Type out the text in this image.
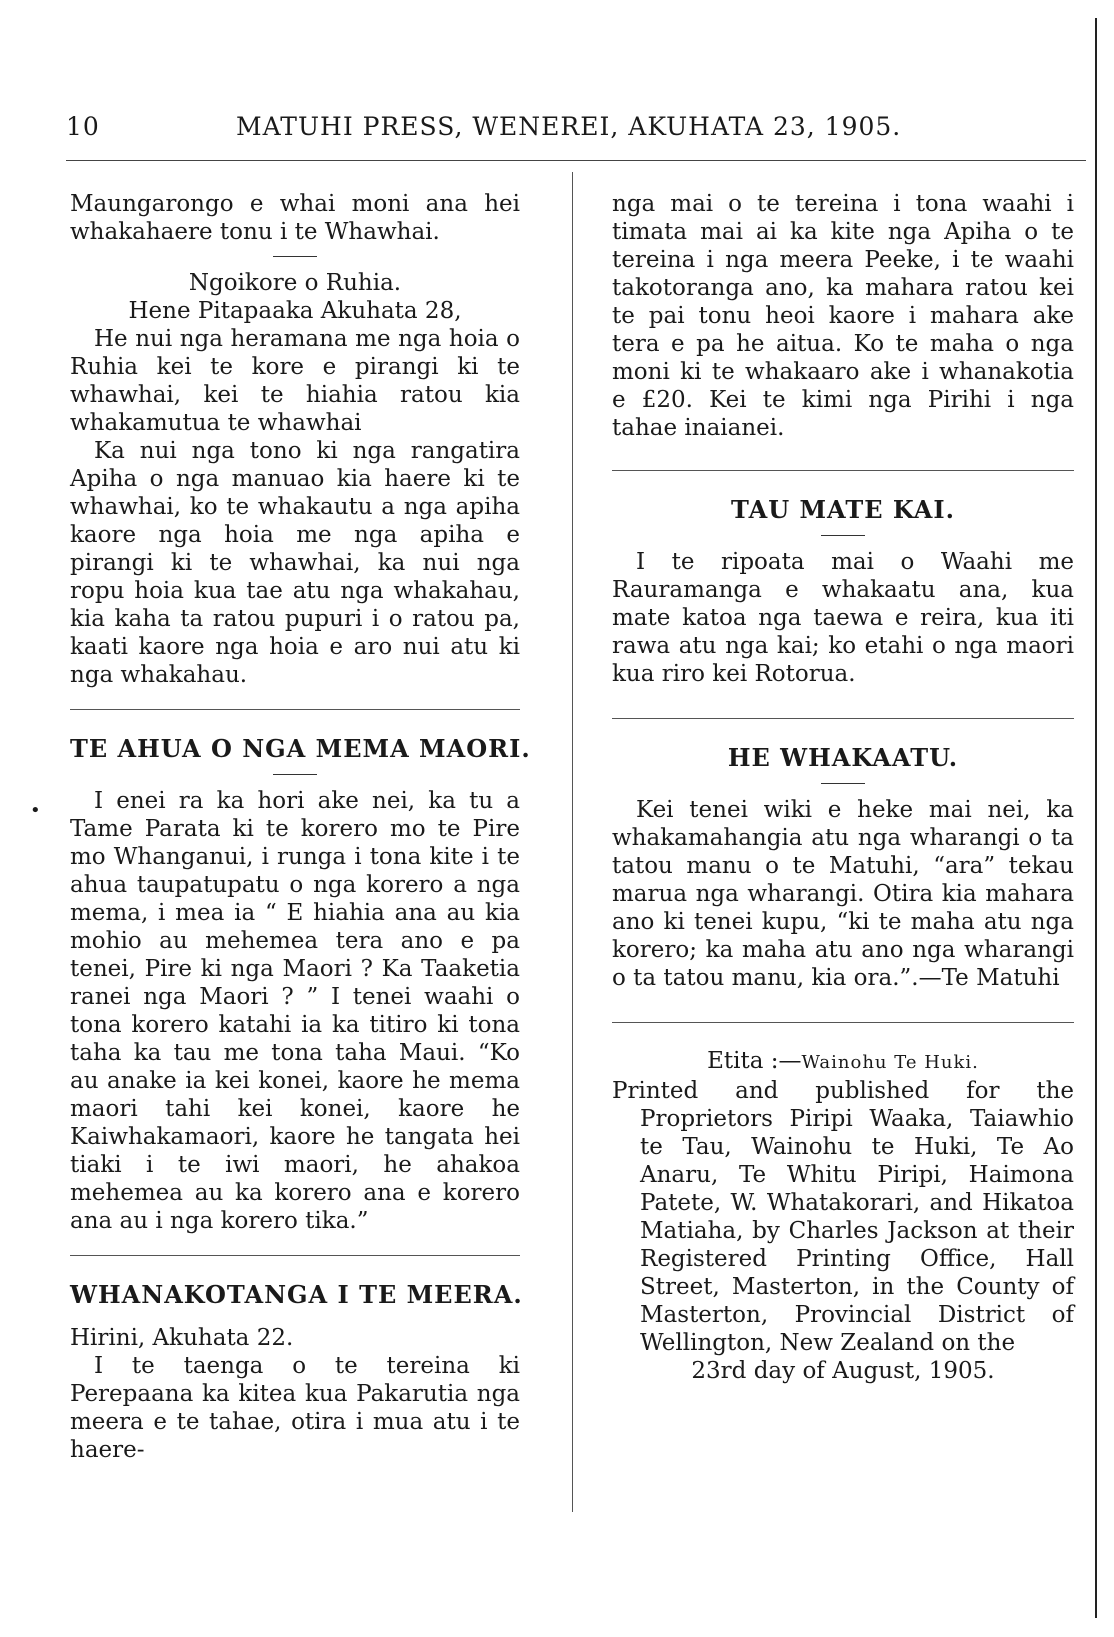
10	MATUHI PRESS, WENEREI, AKUHATA 23, 1905.
•

Maungarongo e whai moni ana hei whakahaere tonu i te Whawhai.

Ngoikore o Ruhia.

Hene Pitapaaka Akuhata 28,

He nui nga heramana me nga hoia o Ruhia kei te kore e pirangi ki te whawhai, kei te hiahia ratou kia whakamutua te whawhai

Ka nui nga tono ki nga rangatira Apiha o nga manuao kia haere ki te whawhai, ko te whakautu a nga apiha kaore nga hoia me nga apiha e pirangi ki te whawhai, ka nui nga ropu hoia kua tae atu nga whakahau, kia kaha ta ratou pupuri i o ratou pa, kaati kaore nga hoia e aro nui atu ki nga whakahau.

TE AHUA O NGA MEMA MAORI.

I enei ra ka hori ake nei, ka tu a Tame Parata ki te korero mo te Pire mo Whanganui, i runga i tona kite i te ahua taupatupatu o nga korero a nga mema, i mea ia “ E hiahia ana au kia mohio au mehemea tera ano e pa tenei, Pire ki nga Maori ? Ka Taaketia ranei nga Maori ? ” I tenei waahi o tona korero katahi ia ka titiro ki tona taha ka tau me tona taha Maui. “Ko au anake ia kei konei, kaore he mema maori tahi kei konei, kaore he Kaiwhakamaori, kaore he tangata hei tiaki i te iwi maori, he ahakoa mehemea au ka korero ana e korero ana au i nga korero tika.”

WHANAKOTANGA I TE MEERA.

Hirini, Akuhata 22.

I te taenga o te tereina ki Perepaana ka kitea kua Pakarutia nga meera e te tahae, otira i mua atu i te haere-

nga mai o te tereina i tona waahi i timata mai ai ka kite nga Apiha o te tereina i nga meera Peeke, i te waahi takotoranga ano, ka mahara ratou kei te pai tonu heoi kaore i mahara ake tera e pa he aitua. Ko te maha o nga moni ki te whakaaro ake i whanakotia e £20. Kei te kimi nga Pirihi i nga tahae inaianei.

TAU MATE KAI.

I te ripoata mai o Waahi me Rauramanga e whakaatu ana, kua mate katoa nga taewa e reira, kua iti rawa atu nga kai; ko etahi o nga maori kua riro kei Rotorua.

HE WHAKAATU.

Kei tenei wiki e heke mai nei, ka whakamahangia atu nga wharangi o ta tatou manu o te Matuhi, “ara” tekau marua nga wharangi. Otira kia mahara ano ki tenei kupu, “ki te maha atu nga korero; ka maha atu ano nga wharangi o ta tatou manu, kia ora.”.—Te Matuhi

Etita :—Wainohu Te Huki.

Printed and published for the Proprietors Piripi Waaka, Taiawhio te Tau, Wainohu te Huki, Te Ao Anaru, Te Whitu Piripi, Haimona Patete, W. Whatakorari, and Hikatoa Matiaha, by Charles Jackson at their Registered Printing Office, Hall Street, Masterton, in the County of Masterton, Provincial District of Wellington, New Zealand on the

23rd day of August, 1905.
